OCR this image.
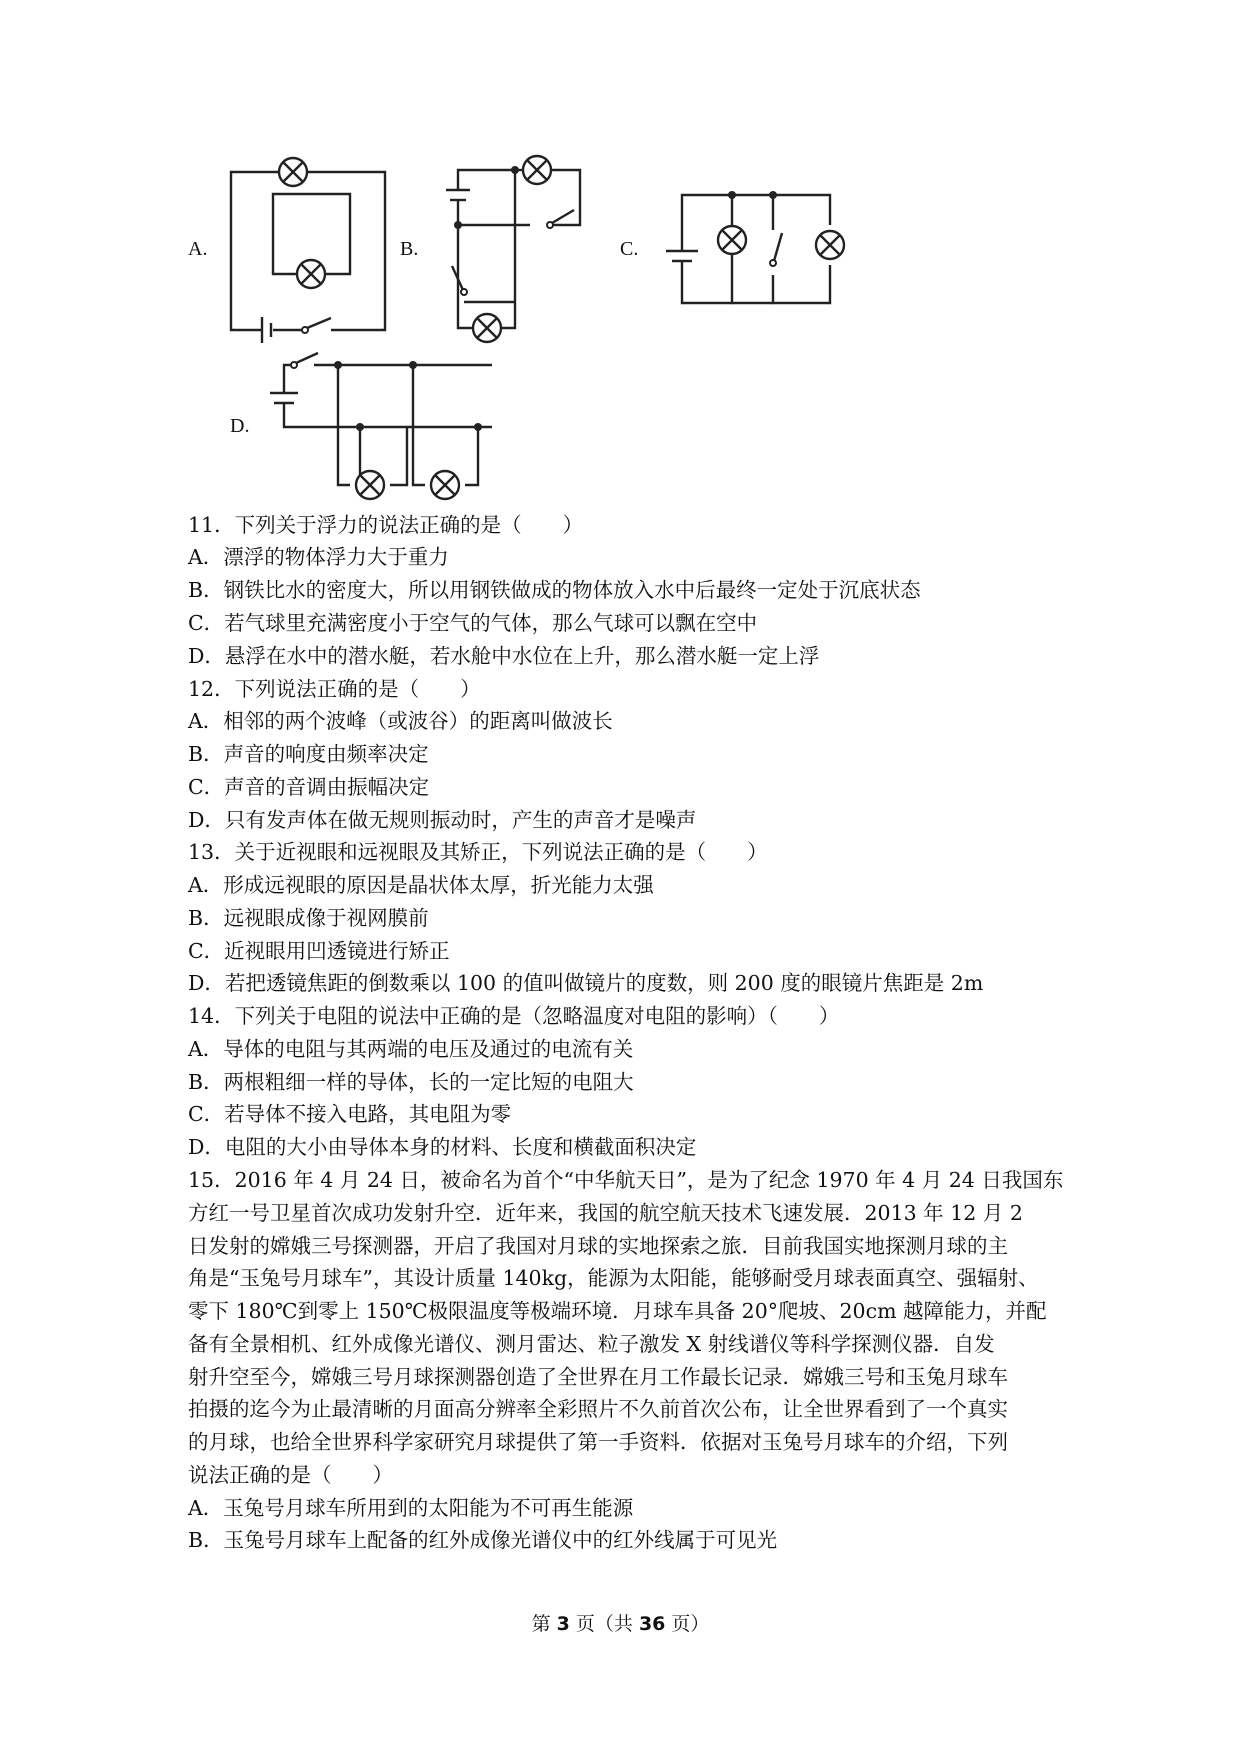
A.	B.	C.
D.
11．下列关于浮力的说法正确的是（　　）
A．漂浮的物体浮力大于重力
B．钢铁比水的密度大，所以用钢铁做成的物体放入水中后最终一定处于沉底状态
C．若气球里充满密度小于空气的气体，那么气球可以飘在空中
D．悬浮在水中的潜水艇，若水舱中水位在上升，那么潜水艇一定上浮
12．下列说法正确的是（　　）
A．相邻的两个波峰（或波谷）的距离叫做波长
B．声音的响度由频率决定
C．声音的音调由振幅决定
D．只有发声体在做无规则振动时，产生的声音才是噪声
13．关于近视眼和远视眼及其矫正，下列说法正确的是（　　）
A．形成远视眼的原因是晶状体太厚，折光能力太强
B．远视眼成像于视网膜前
C．近视眼用凹透镜进行矫正
D．若把透镜焦距的倒数乘以 100 的值叫做镜片的度数，则 200 度的眼镜片焦距是 2m
14．下列关于电阻的说法中正确的是（忽略温度对电阻的影响）（　　）
A．导体的电阻与其两端的电压及通过的电流有关
B．两根粗细一样的导体，长的一定比短的电阻大
C．若导体不接入电路，其电阻为零
D．电阻的大小由导体本身的材料、长度和横截面积决定
15．2016 年 4 月 24 日，被命名为首个“中华航天日”，是为了纪念 1970 年 4 月 24 日我国东
方红一号卫星首次成功发射升空．近年来，我国的航空航天技术飞速发展．2013 年 12 月 2
日发射的嫦娥三号探测器，开启了我国对月球的实地探索之旅．目前我国实地探测月球的主
角是“玉兔号月球车”，其设计质量 140kg，能源为太阳能，能够耐受月球表面真空、强辐射、
零下 180℃到零上 150℃极限温度等极端环境．月球车具备 20°爬坡、20cm 越障能力，并配
备有全景相机、红外成像光谱仪、测月雷达、粒子激发 X 射线谱仪等科学探测仪器．自发
射升空至今，嫦娥三号月球探测器创造了全世界在月工作最长记录．嫦娥三号和玉兔月球车
拍摄的迄今为止最清晰的月面高分辨率全彩照片不久前首次公布，让全世界看到了一个真实
的月球，也给全世界科学家研究月球提供了第一手资料．依据对玉兔号月球车的介绍，下列
说法正确的是（　　）
A．玉兔号月球车所用到的太阳能为不可再生能源
B．玉兔号月球车上配备的红外成像光谱仪中的红外线属于可见光
第 3 页（共 36 页）
